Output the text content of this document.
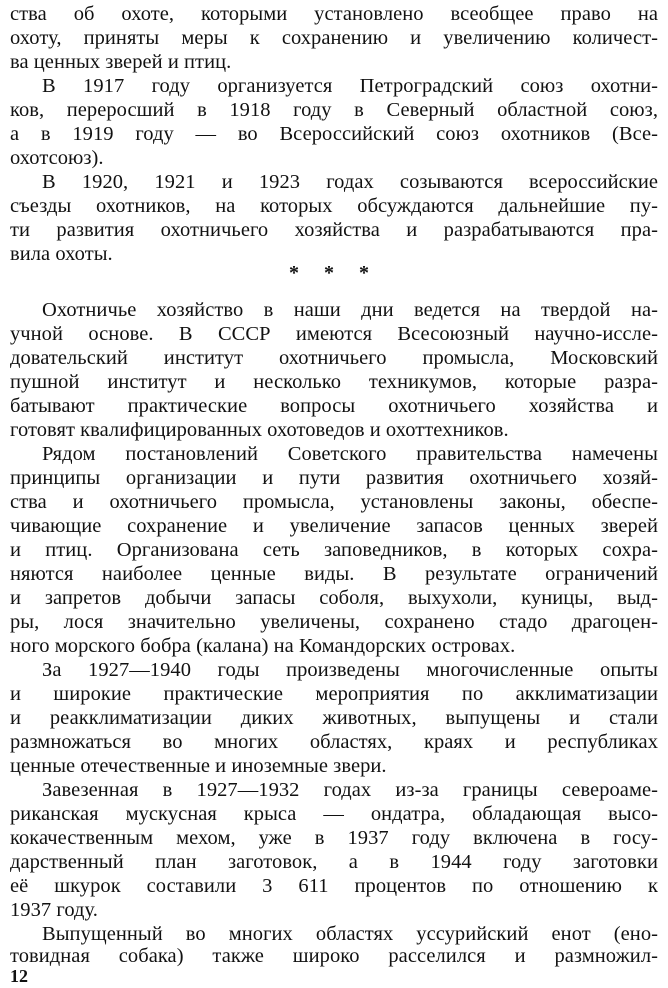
ства об охоте, которыми установлено всеобщее право на
охоту, приняты меры к сохранению и увеличению количест-
ва ценных зверей и птиц.
В 1917 году организуется Петроградский союз охотни-
ков, переросший в 1918 году в Северный областной союз,
а в 1919 году — во Всероссийский союз охотников (Все-
охотсоюз).
В 1920, 1921 и 1923 годах созываются всероссийские
съезды охотников, на которых обсуждаются дальнейшие пу-
ти развития охотничьего хозяйства и разрабатываются пра-
вила охоты.
* * *
Охотничье хозяйство в наши дни ведется на твердой на-
учной основе. В СССР имеются Всесоюзный научно-исслe-
довательский институт охотничьего промысла, Московский
пушной институт и несколько техникумов, которые разра-
батывают практические вопросы охотничьего хозяйства и
готовят квалифицированных охотоведов и охоттехников.
Рядом постановлений Советского правительства намечены
принципы организации и пути развития охотничьего хозяй-
ства и охотничьего промысла, установлены законы, обеспе-
чивающие сохранение и увеличение запасов ценных зверей
и птиц. Организована сеть заповедников, в которых сохра-
няются наиболее ценные виды. В результате ограничений
и запретов добычи запасы соболя, выхухоли, куницы, выд-
ры, лося значительно увеличены, сохранено стадо драгоцен-
ного морского бобра (калана) на Командорских островах.
За 1927—1940 годы произведены многочисленные опыты
и широкие практические мероприятия по акклиматизации
и реакклиматизации диких животных, выпущены и стали
размножаться во многих областях, краях и республиках
ценные отечественные и иноземные звери.
Завезенная в 1927—1932 годах из-за границы североаме-
риканская мускусная крыса — ондатра, обладающая высо-
кокачественным мехом, уже в 1937 году включена в госу-
дарственный план заготовок, а в 1944 году заготовки
её шкурок составили 3 611 процентов по отношению к
1937 году.
Выпущенный во многих областях уссурийский енот (ено-
товидная собака) также широко расселился и размножил-
12
